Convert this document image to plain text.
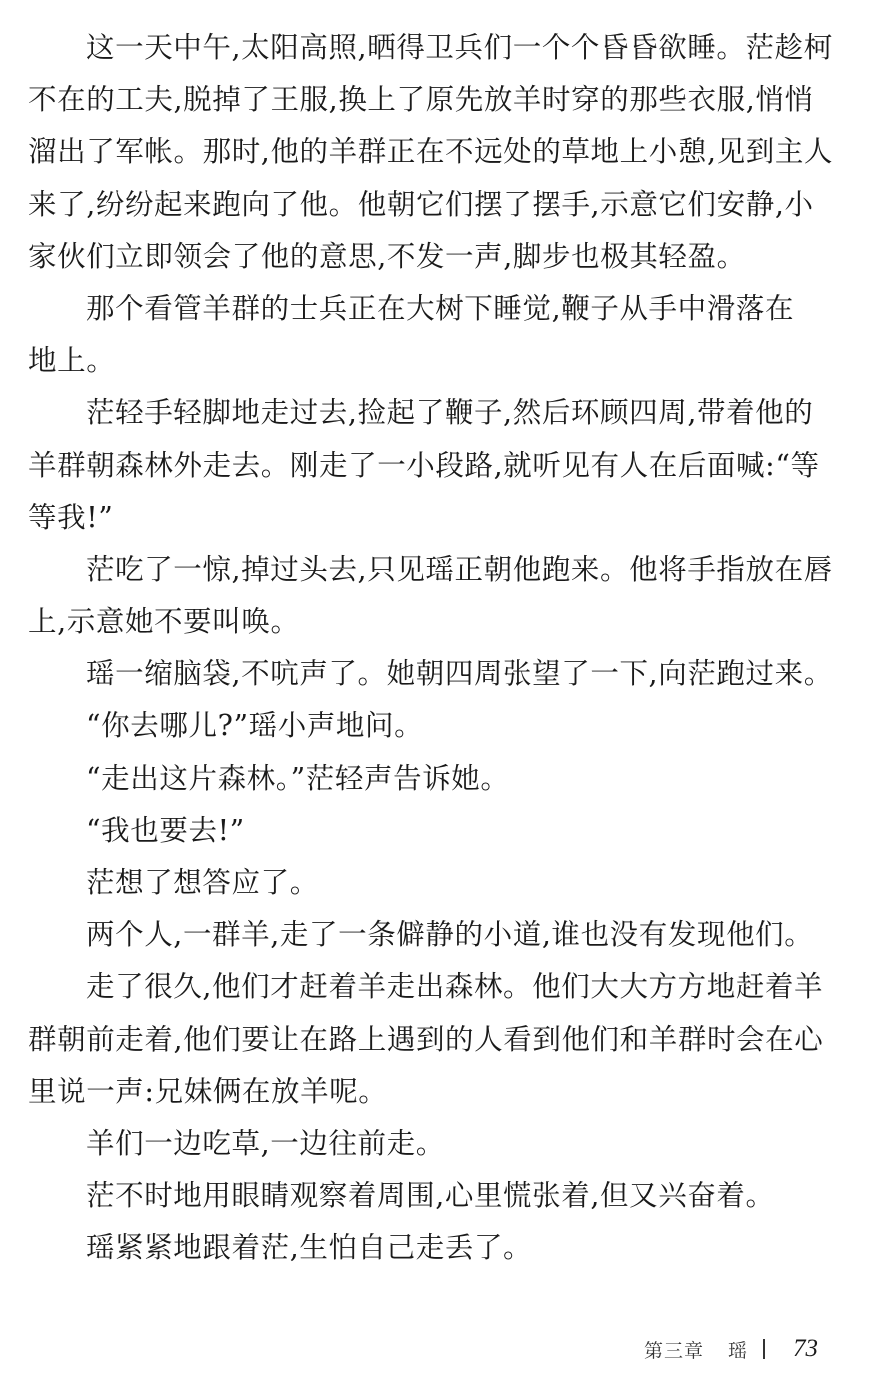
这一天中午,太阳高照,晒得卫兵们一个个昏昏欲睡。茫趁柯
不在的工夫,脱掉了王服,换上了原先放羊时穿的那些衣服,悄悄
溜出了军帐。那时,他的羊群正在不远处的草地上小憩,见到主人
来了,纷纷起来跑向了他。他朝它们摆了摆手,示意它们安静,小
家伙们立即领会了他的意思,不发一声,脚步也极其轻盈。
那个看管羊群的士兵正在大树下睡觉,鞭子从手中滑落在
地上。
茫轻手轻脚地走过去,捡起了鞭子,然后环顾四周,带着他的
羊群朝森林外走去。刚走了一小段路,就听见有人在后面喊:“等
等我!”
茫吃了一惊,掉过头去,只见瑶正朝他跑来。他将手指放在唇
上,示意她不要叫唤。
瑶一缩脑袋,不吭声了。她朝四周张望了一下,向茫跑过来。
“你去哪儿?”瑶小声地问。
“走出这片森林。”茫轻声告诉她。
“我也要去!”
茫想了想答应了。
两个人,一群羊,走了一条僻静的小道,谁也没有发现他们。
走了很久,他们才赶着羊走出森林。他们大大方方地赶着羊
群朝前走着,他们要让在路上遇到的人看到他们和羊群时会在心
里说一声:兄妹俩在放羊呢。
羊们一边吃草,一边往前走。
茫不时地用眼睛观察着周围,心里慌张着,但又兴奋着。
瑶紧紧地跟着茫,生怕自己走丢了。
第三章 瑶 73
